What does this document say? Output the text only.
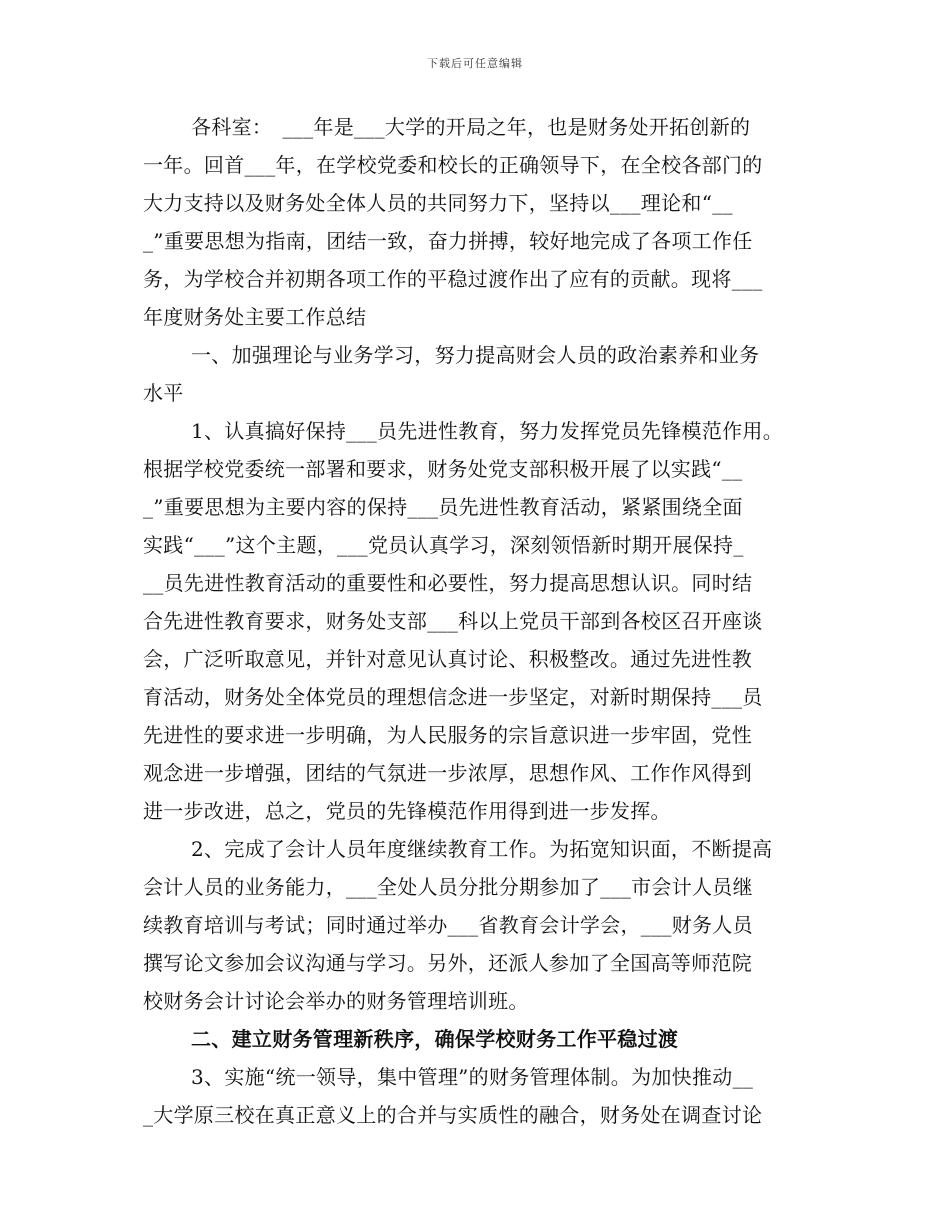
下载后可任意编辑
各科室：　___年是___大学的开局之年，也是财务处开拓创新的
一年。回首___年，在学校党委和校长的正确领导下，在全校各部门的
大力支持以及财务处全体人员的共同努力下，坚持以___理论和“__
_”重要思想为指南，团结一致，奋力拼搏，较好地完成了各项工作任
务，为学校合并初期各项工作的平稳过渡作出了应有的贡献。现将___
年度财务处主要工作总结
一、加强理论与业务学习，努力提高财会人员的政治素养和业务
水平
1、认真搞好保持___员先进性教育，努力发挥党员先锋模范作用。
根据学校党委统一部署和要求，财务处党支部积极开展了以实践“__
_”重要思想为主要内容的保持___员先进性教育活动，紧紧围绕全面
实践“___”这个主题，___党员认真学习，深刻领悟新时期开展保持_
__员先进性教育活动的重要性和必要性，努力提高思想认识。同时结
合先进性教育要求，财务处支部___科以上党员干部到各校区召开座谈
会，广泛听取意见，并针对意见认真讨论、积极整改。通过先进性教
育活动，财务处全体党员的理想信念进一步坚定，对新时期保持___员
先进性的要求进一步明确，为人民服务的宗旨意识进一步牢固，党性
观念进一步增强，团结的气氛进一步浓厚，思想作风、工作作风得到
进一步改进，总之，党员的先锋模范作用得到进一步发挥。
2、完成了会计人员年度继续教育工作。为拓宽知识面，不断提高
会计人员的业务能力，___全处人员分批分期参加了___市会计人员继
续教育培训与考试；同时通过举办___省教育会计学会，___财务人员
撰写论文参加会议沟通与学习。另外，还派人参加了全国高等师范院
校财务会计讨论会举办的财务管理培训班。
二、建立财务管理新秩序，确保学校财务工作平稳过渡
3、实施“统一领导，集中管理”的财务管理体制。为加快推动__
_大学原三校在真正意义上的合并与实质性的融合，财务处在调查讨论
